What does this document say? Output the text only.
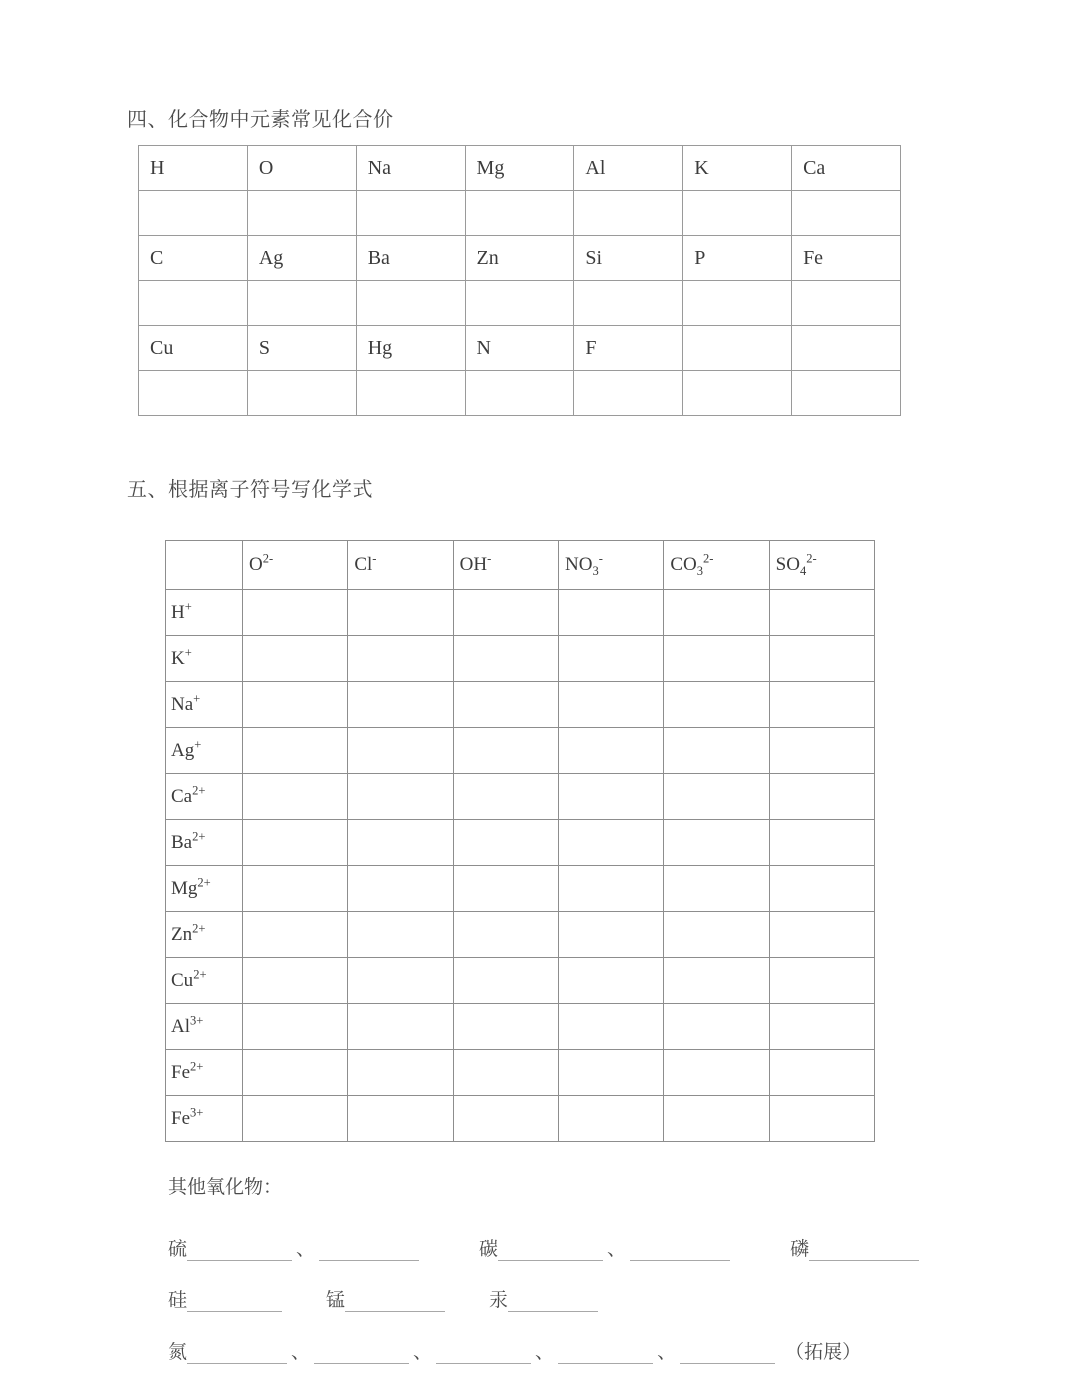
四、化合物中元素常见化合价
H	O	Na	Mg	Al	K	Ca

C	Ag	Ba	Zn	Si	P	Fe

Cu	S	Hg	N	F		

五、根据离子符号写化学式
	$O^{2-}$	Cl-	OH-	$NO_3^-$	$CO_3^{2-}$	$SO_4^{2-}$
H+						
K+						
Na+						
Ag+						
$Ca^{2+}$						
$Ba^{2+}$						
$Mg^{2+}$						
$Zn^{2+}$						
$Cu^{2+}$						
$Al^{3+}$						
$Fe^{2+}$						
$Fe^{3+}$						
其他氧化物：
硫	、	碳	、	磷
硅	锰	汞
氮	、	、	、	、	（拓展）
